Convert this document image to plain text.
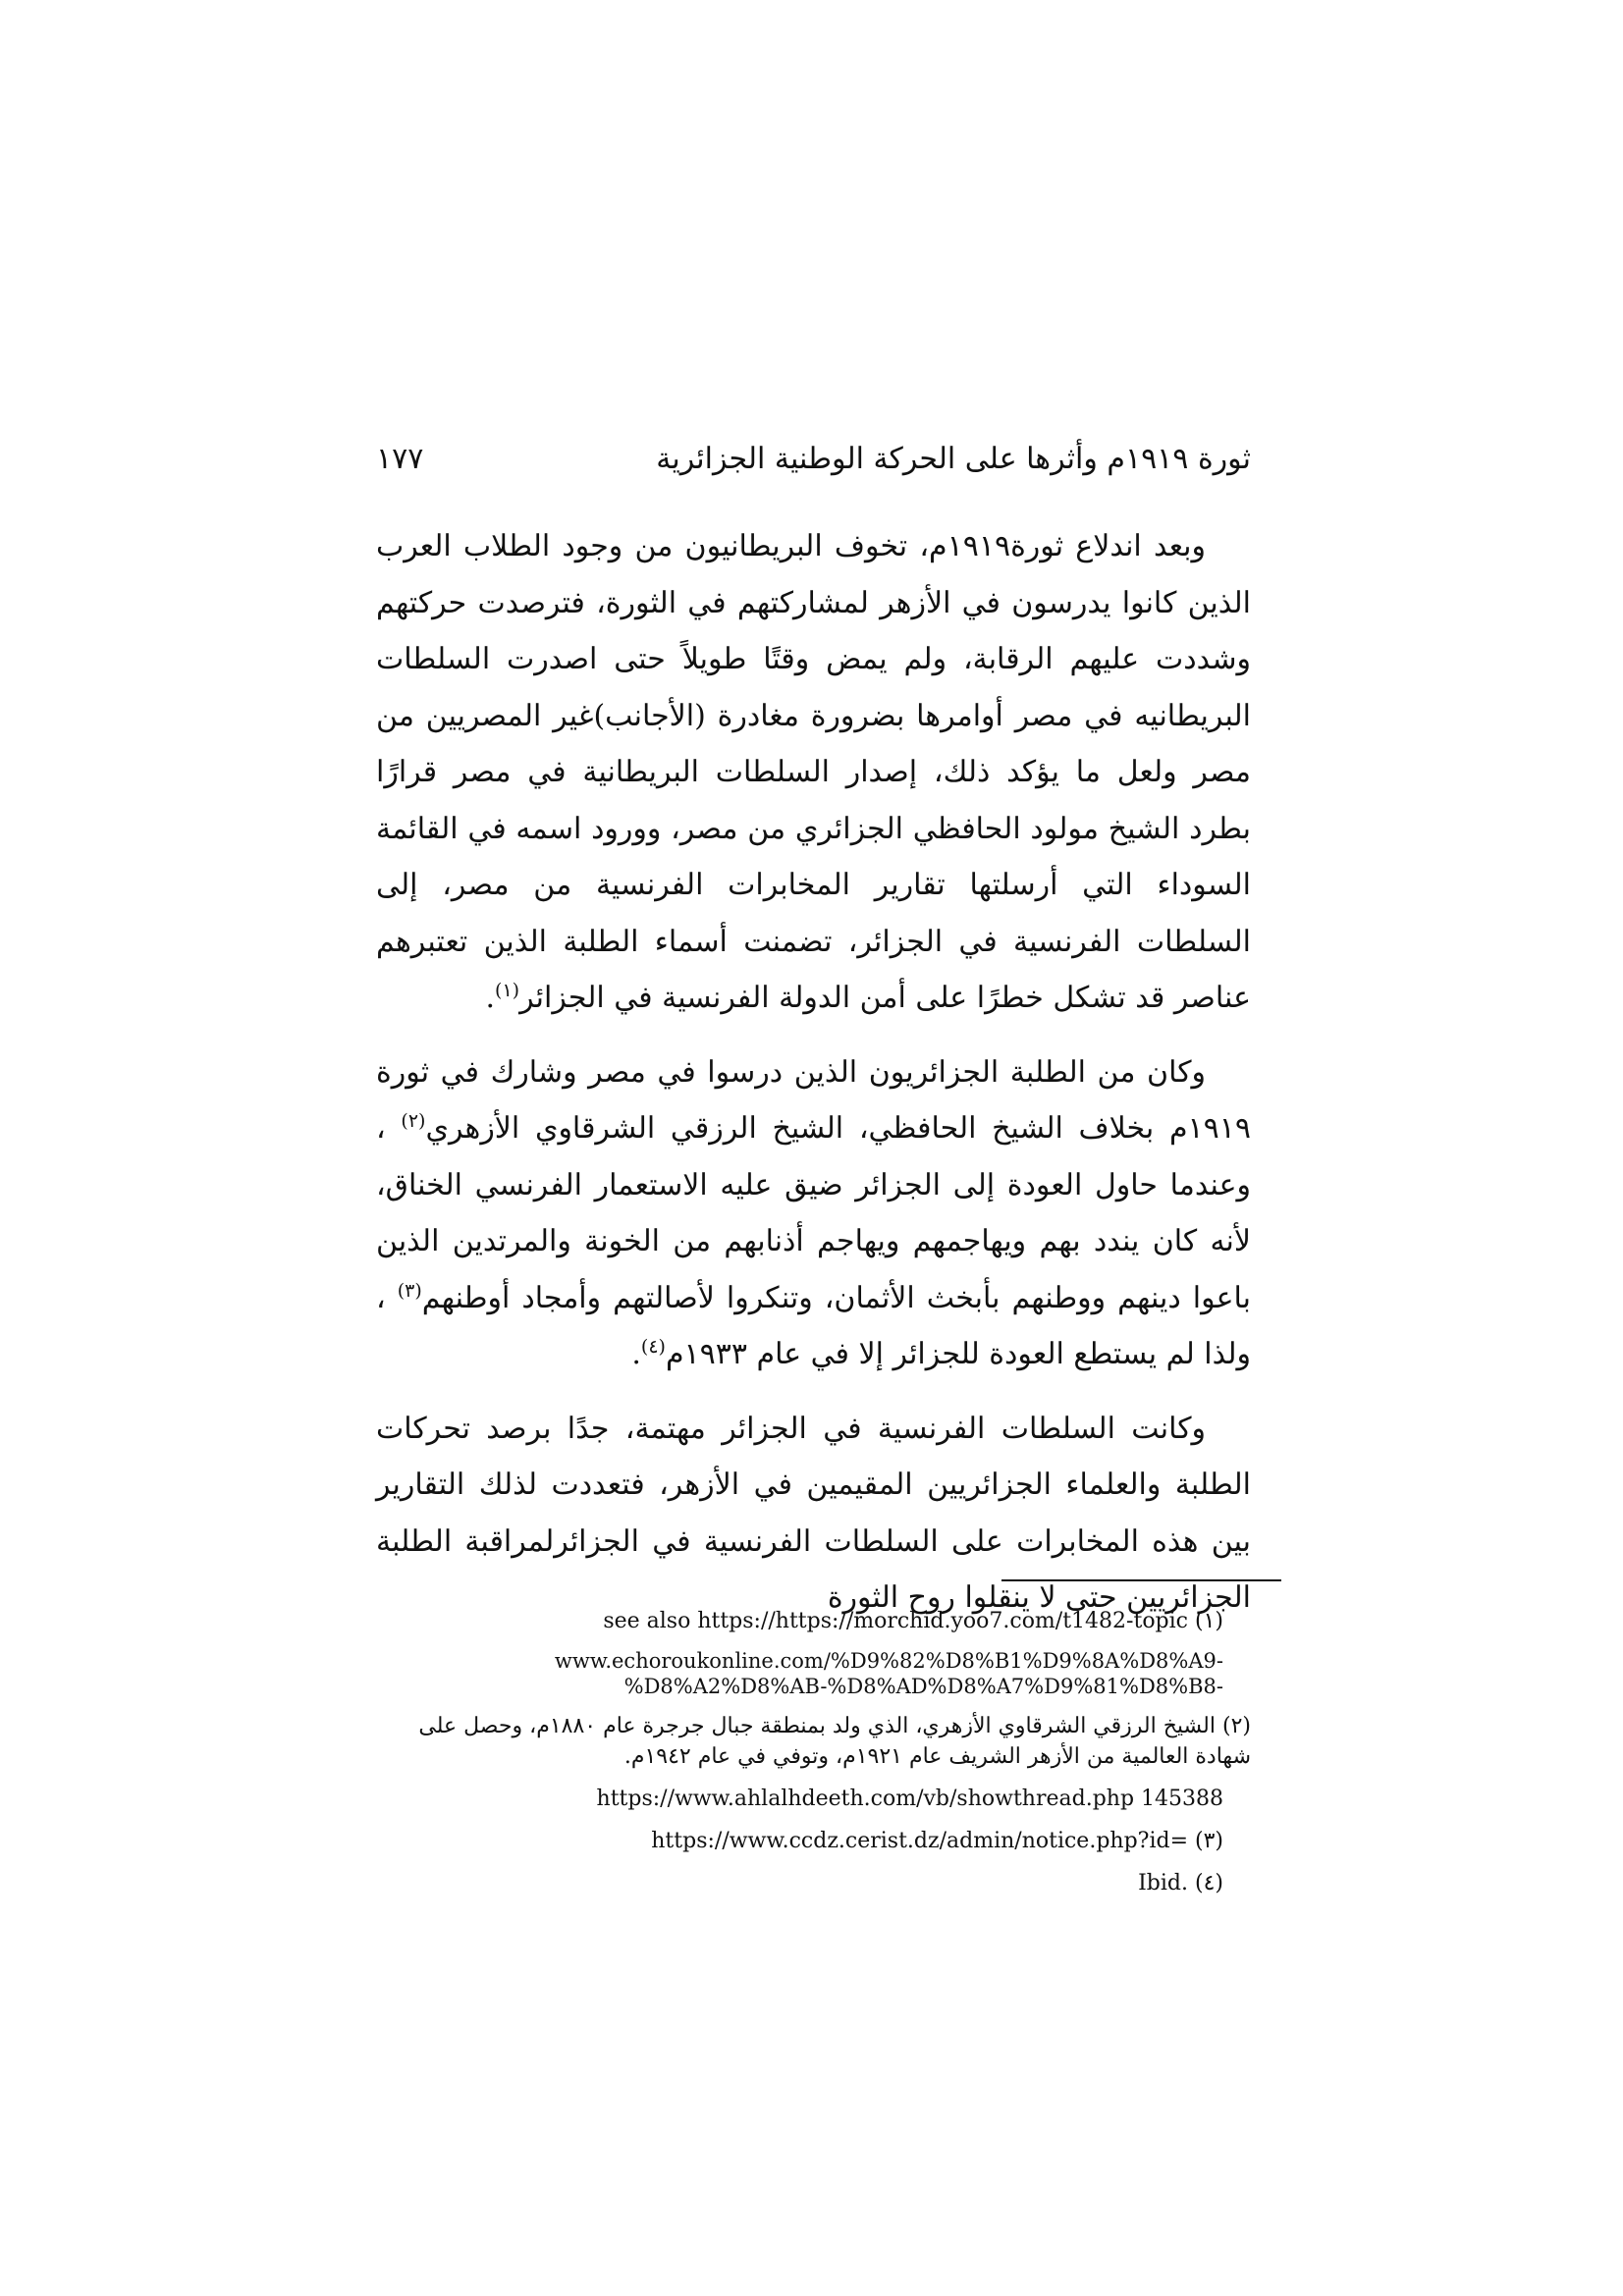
ثورة ١٩١٩م وأثرها على الحركة الوطنية الجزائرية
١٧٧

وبعد اندلاع ثورة١٩١٩م، تخوف البريطانيون من وجود الطلاب العرب الذين كانوا يدرسون في الأزهر لمشاركتهم في الثورة، فترصدت حركتهم وشددت عليهم الرقابة، ولم يمض وقتًا طويلاً حتى اصدرت السلطات البريطانيه في مصر أوامرها بضرورة مغادرة (الأجانب)غير المصريين من مصر ولعل ما يؤكد ذلك، إصدار السلطات البريطانية في مصر قرارًا بطرد الشيخ مولود الحافظي الجزائري من مصر، وورود اسمه في القائمة السوداء التي أرسلتها تقارير المخابرات الفرنسية من مصر، إلى السلطات الفرنسية في الجزائر، تضمنت أسماء الطلبة الذين تعتبرهم عناصر قد تشكل خطرًا على أمن الدولة الفرنسية في الجزائر$^{(١)}$.

وكان من الطلبة الجزائريون الذين درسوا في مصر وشارك في ثورة ١٩١٩م بخلاف الشيخ الحافظي، الشيخ الرزقي الشرقاوي الأزهري$^{(٢)}$ ، وعندما حاول العودة إلى الجزائر ضيق عليه الاستعمار الفرنسي الخناق، لأنه كان يندد بهم ويهاجمهم ويهاجم أذنابهم من الخونة والمرتدين الذين باعوا دينهم ووطنهم بأبخث الأثمان، وتنكروا لأصالتهم وأمجاد أوطنهم$^{(٣)}$ ، ولذا لم يستطع العودة للجزائر إلا في عام ١٩٣٣م$^{(٤)}$.

وكانت السلطات الفرنسية في الجزائر مهتمة، جدًا برصد تحركات الطلبة والعلماء الجزائريين المقيمين في الأزهر، فتعددت لذلك التقارير بين هذه المخابرات على السلطات الفرنسية في الجزائرلمراقبة الطلبة الجزائريين حتى لا ينقلوا روح الثورة

see also https://https://morchid.yoo7.com/t1482-topic (١)

www.echoroukonline.com/%D9%82%D8%B1%D9%8A%D8%A9-

%D8%A2%D8%AB-%D8%AD%D8%A7%D9%81%D8%B8-

(٢) الشيخ الرزقي الشرقاوي الأزهري، الذي ولد بمنطقة جبال جرجرة عام ١٨٨٠م، وحصل على شهادة العالمية من الأزهر الشريف عام ١٩٢١م، وتوفي في عام ١٩٤٢م.

https://www.ahlalhdeeth.com/vb/showthread.php 145388

https://www.ccdz.cerist.dz/admin/notice.php?id= (٣)

Ibid. (٤)
